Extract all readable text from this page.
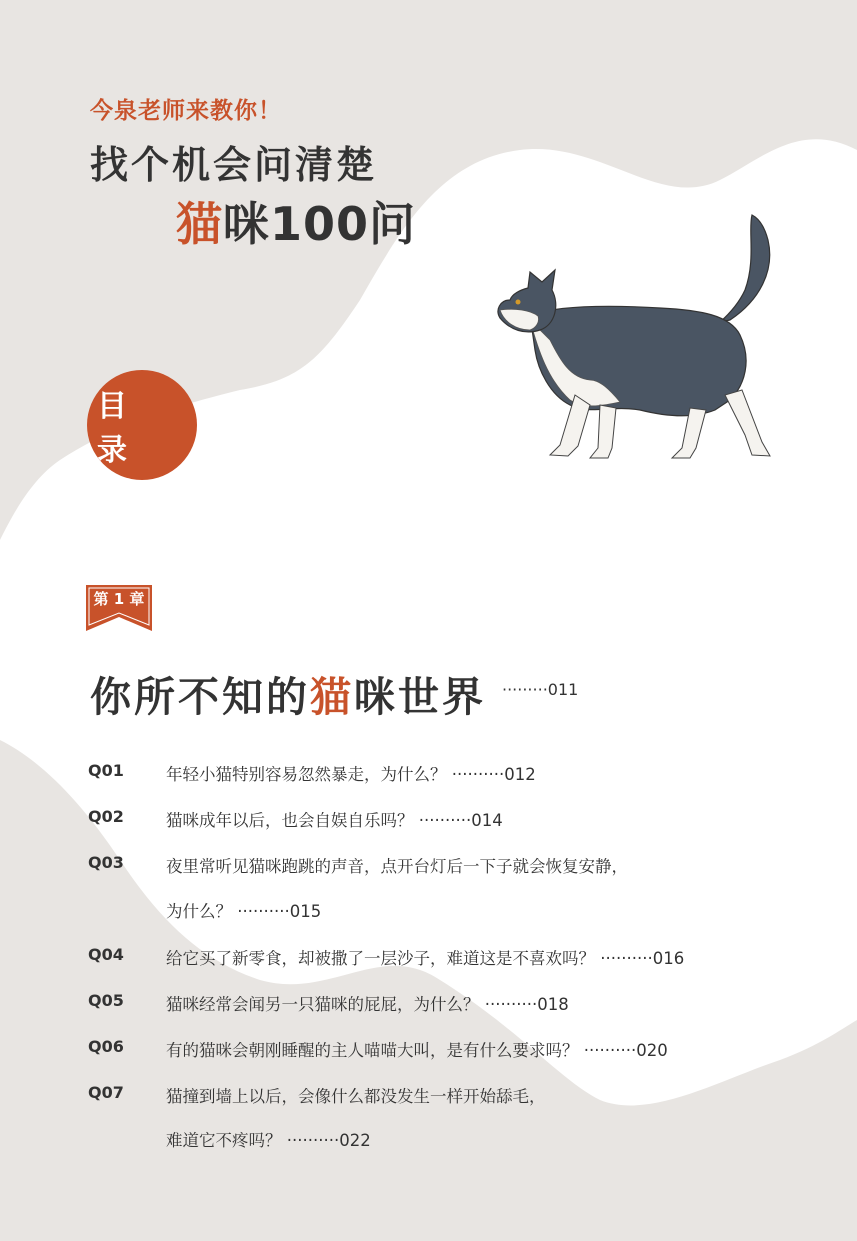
今泉老师来教你！
找个机会问清楚
猫咪100问
目 录
第 1 章
你所不知的猫咪世界 ·········011
Q01	年轻小猫特别容易忽然暴走，为什么？ ··········012
Q02	猫咪成年以后，也会自娱自乐吗？ ··········014
Q03	夜里常听见猫咪跑跳的声音，点开台灯后一下子就会恢复安静，
为什么？ ··········015
Q04	给它买了新零食，却被撒了一层沙子，难道这是不喜欢吗？ ··········016
Q05	猫咪经常会闻另一只猫咪的屁屁，为什么？ ··········018
Q06	有的猫咪会朝刚睡醒的主人喵喵大叫，是有什么要求吗？ ··········020
Q07	猫撞到墙上以后，会像什么都没发生一样开始舔毛，
难道它不疼吗？ ··········022
